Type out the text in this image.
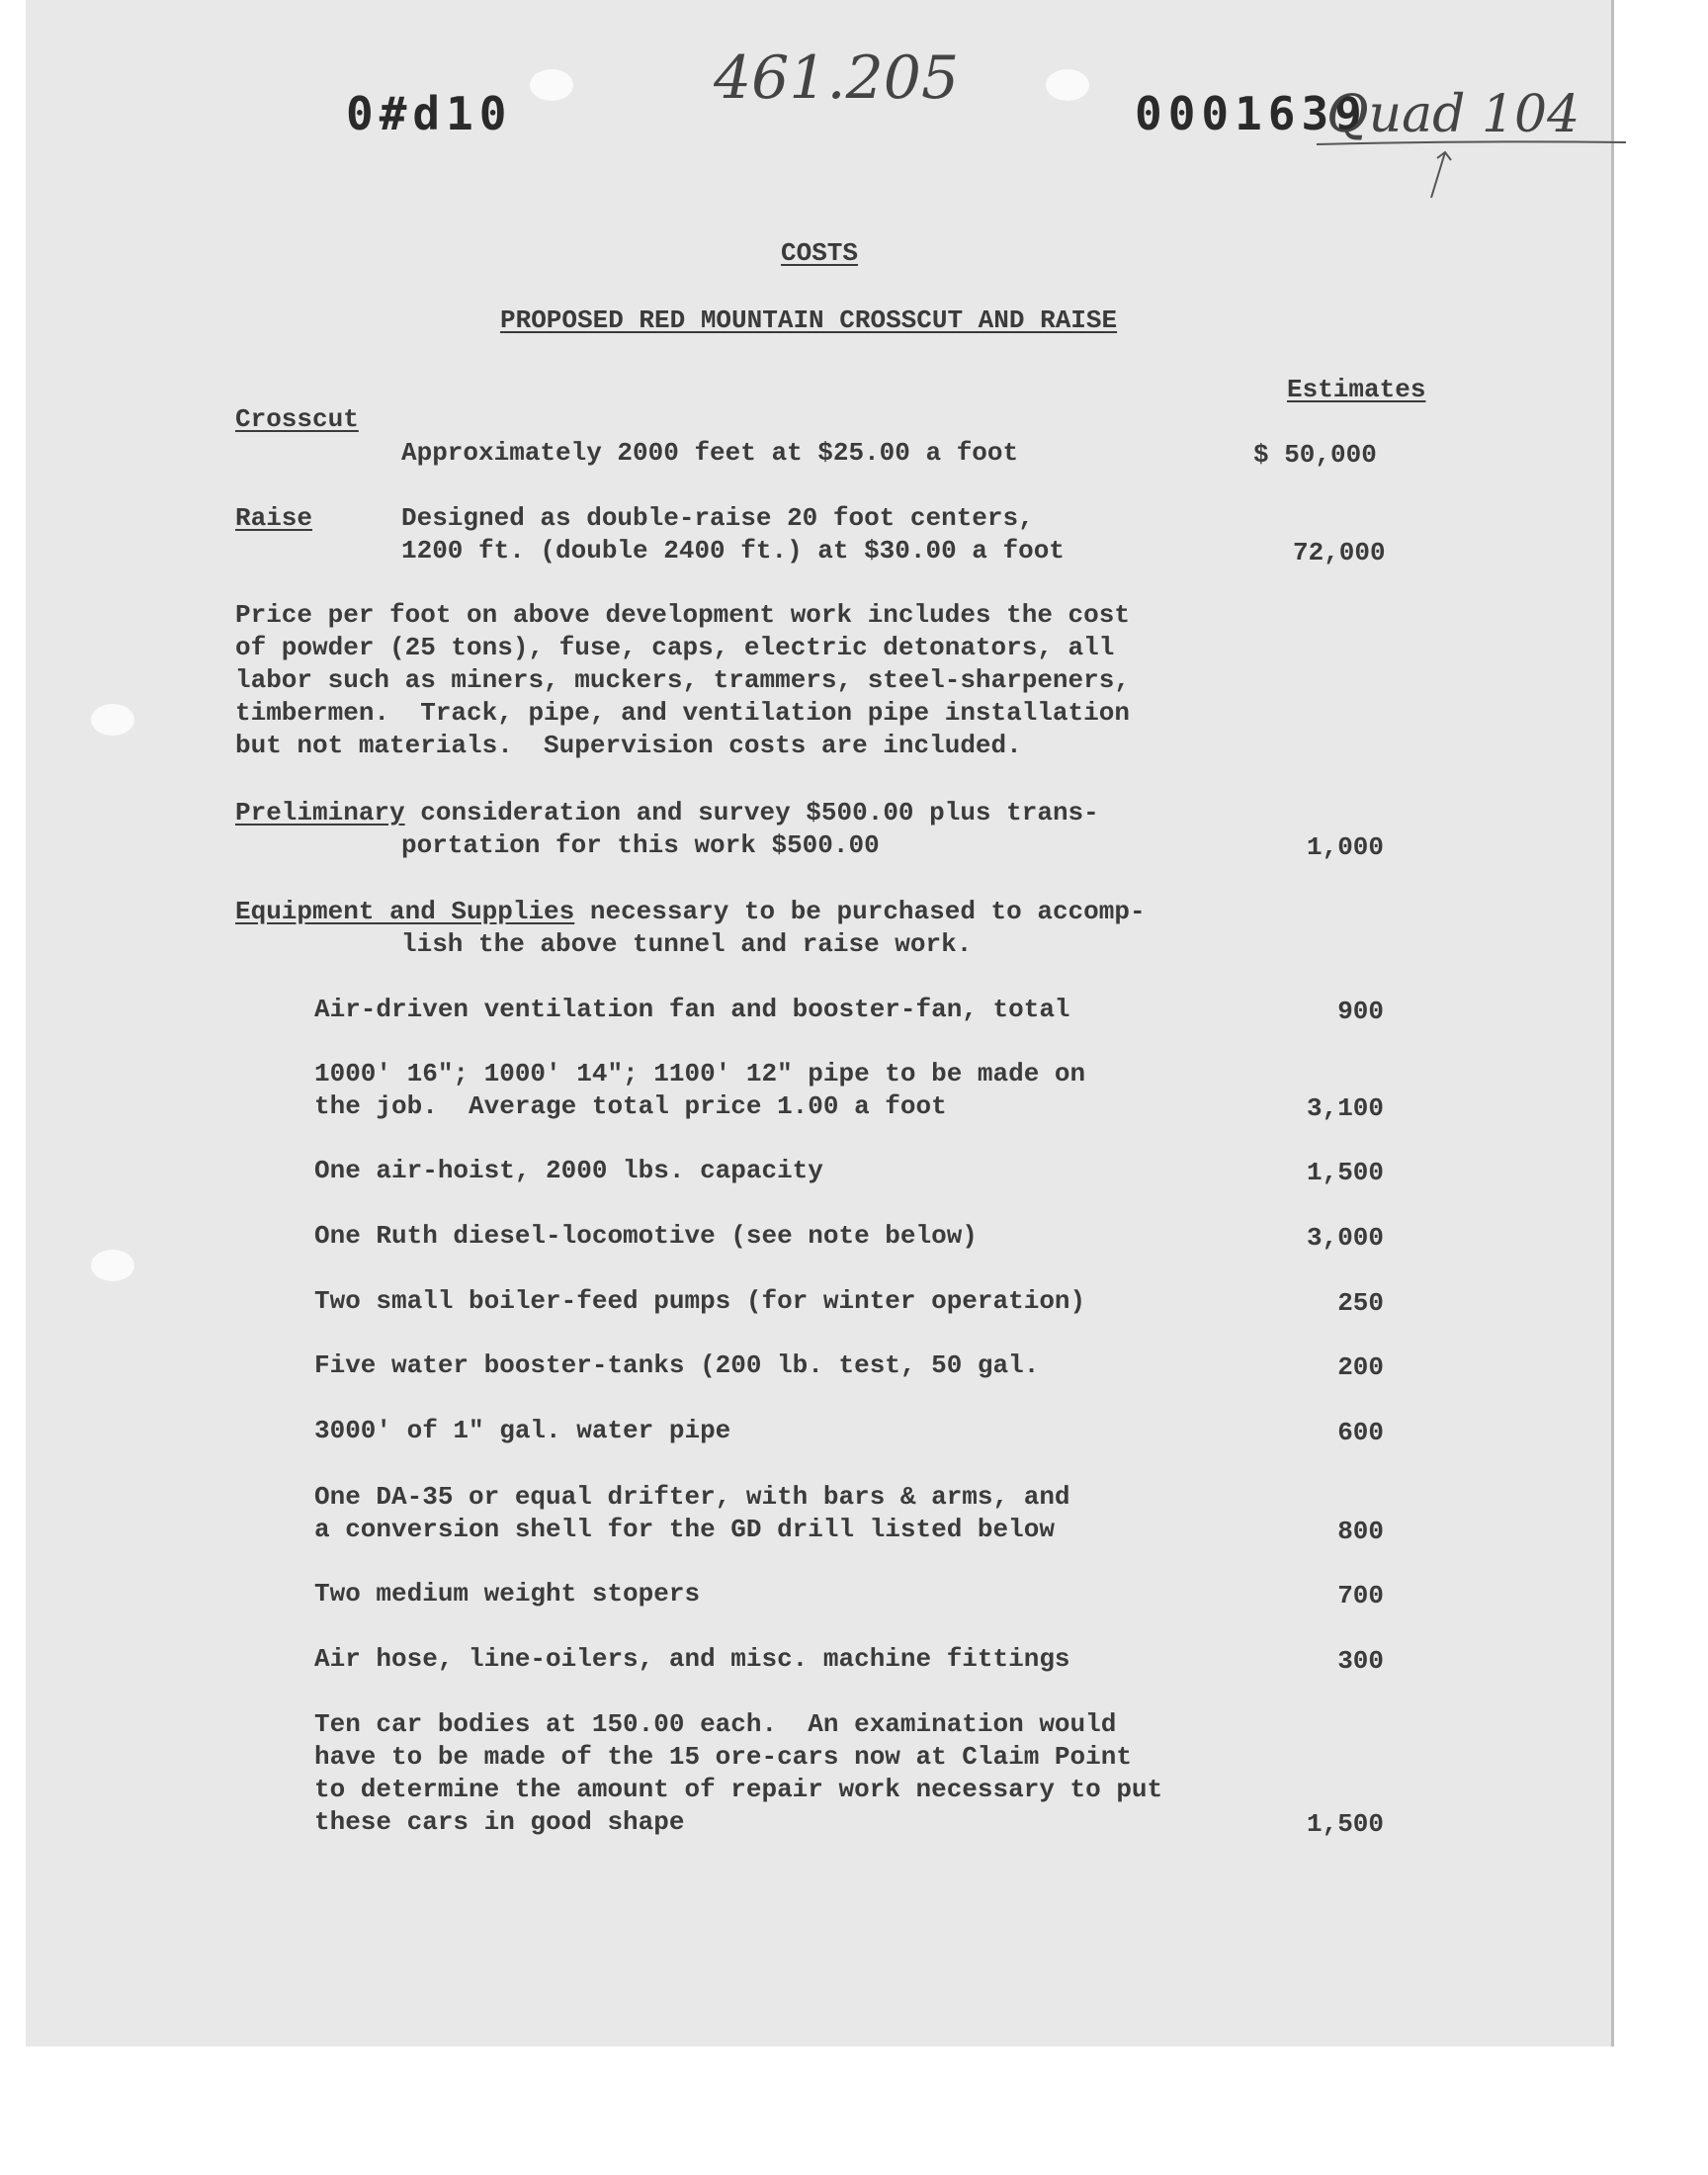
0#d10	0001639
461.205
Quad 104
COSTS
PROPOSED RED MOUNTAIN CROSSCUT AND RAISE
Estimates
Crosscut
Approximately 2000 feet at $25.00 a foot	$ 50,000
Raise	Designed as double-raise 20 foot centers,
1200 ft. (double 2400 ft.) at $30.00 a foot	72,000
Price per foot on above development work includes the cost
of powder (25 tons), fuse, caps, electric detonators, all
labor such as miners, muckers, trammers, steel-sharpeners,
timbermen.  Track, pipe, and ventilation pipe installation
but not materials.  Supervision costs are included.
Preliminary consideration and survey $500.00 plus trans-
portation for this work $500.00	1,000
Equipment and Supplies necessary to be purchased to accomp-
lish the above tunnel and raise work.
Air-driven ventilation fan and booster-fan, total	900
1000' 16"; 1000' 14"; 1100' 12" pipe to be made on
the job.  Average total price 1.00 a foot	3,100
One air-hoist, 2000 lbs. capacity	1,500
One Ruth diesel-locomotive (see note below)	3,000
Two small boiler-feed pumps (for winter operation)	250
Five water booster-tanks (200 lb. test, 50 gal.	200
3000' of 1" gal. water pipe	600
One DA-35 or equal drifter, with bars & arms, and
a conversion shell for the GD drill listed below	800
Two medium weight stopers	700
Air hose, line-oilers, and misc. machine fittings	300
Ten car bodies at 150.00 each.  An examination would
have to be made of the 15 ore-cars now at Claim Point
to determine the amount of repair work necessary to put
these cars in good shape	1,500
